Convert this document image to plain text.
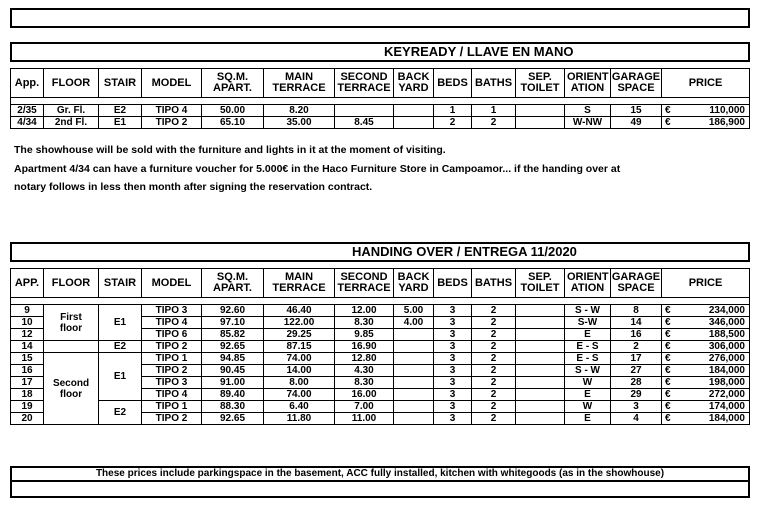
KEYREADY / LLAVE EN MANO
App.	FLOOR	STAIR	MODEL	SQ.M. APART.	MAIN TERRACE	SECOND TERRACE	BACK YARD	BEDS	BATHS	SEP. TOILET	ORIENT ATION	GARAGE SPACE	PRICE

2/35	Gr. Fl.	E2	TIPO 4	50.00	8.20			1	1		S	15	€ 110,000

4/34	2nd Fl.	E1	TIPO 2	65.10	35.00	8.45		2	2		W-NW	49	€ 186,900
The showhouse will be sold with the furniture and lights in it at the moment of visiting.
Apartment 4/34 can have a furniture voucher for 5.000€ in the Haco Furniture Store in Campoamor... if the handing over at
notary follows in less then month after signing the reservation contract.
HANDING OVER / ENTREGA 11/2020
APP.	FLOOR	STAIR	MODEL	SQ.M. APART.	MAIN TERRACE	SECOND TERRACE	BACK YARD	BEDS	BATHS	SEP. TOILET	ORIENT ATION	GARAGE SPACE	PRICE

9	First floor	E1	TIPO 3	92.60	46.40	12.00	5.00	3	2		S - W	8	€ 234,000

10			TIPO 4	97.10	122.00	8.30	4.00	3	2		S-W	14	€ 346,000

12			TIPO 6	85.82	29.25	9.85		3	2		E	16	€ 188,500

14		E2	TIPO 2	92.65	87.15	16.90		3	2		E - S	2	€ 306,000

15	Second floor	E1	TIPO 1	94.85	74.00	12.80		3	2		E - S	17	€ 276,000

16			TIPO 2	90.45	14.00	4.30		3	2		S - W	27	€ 184,000

17			TIPO 3	91.00	8.00	8.30		3	2		W	28	€ 198,000

18			TIPO 4	89.40	74.00	16.00		3	2		E	29	€ 272,000

19		E2	TIPO 1	88.30	6.40	7.00		3	2		W	3	€ 174,000

20			TIPO 2	92.65	11.80	11.00		3	2		E	4	€ 184,000
These prices include parkingspace in the basement, ACC fully installed, kitchen with whitegoods (as in the showhouse)
